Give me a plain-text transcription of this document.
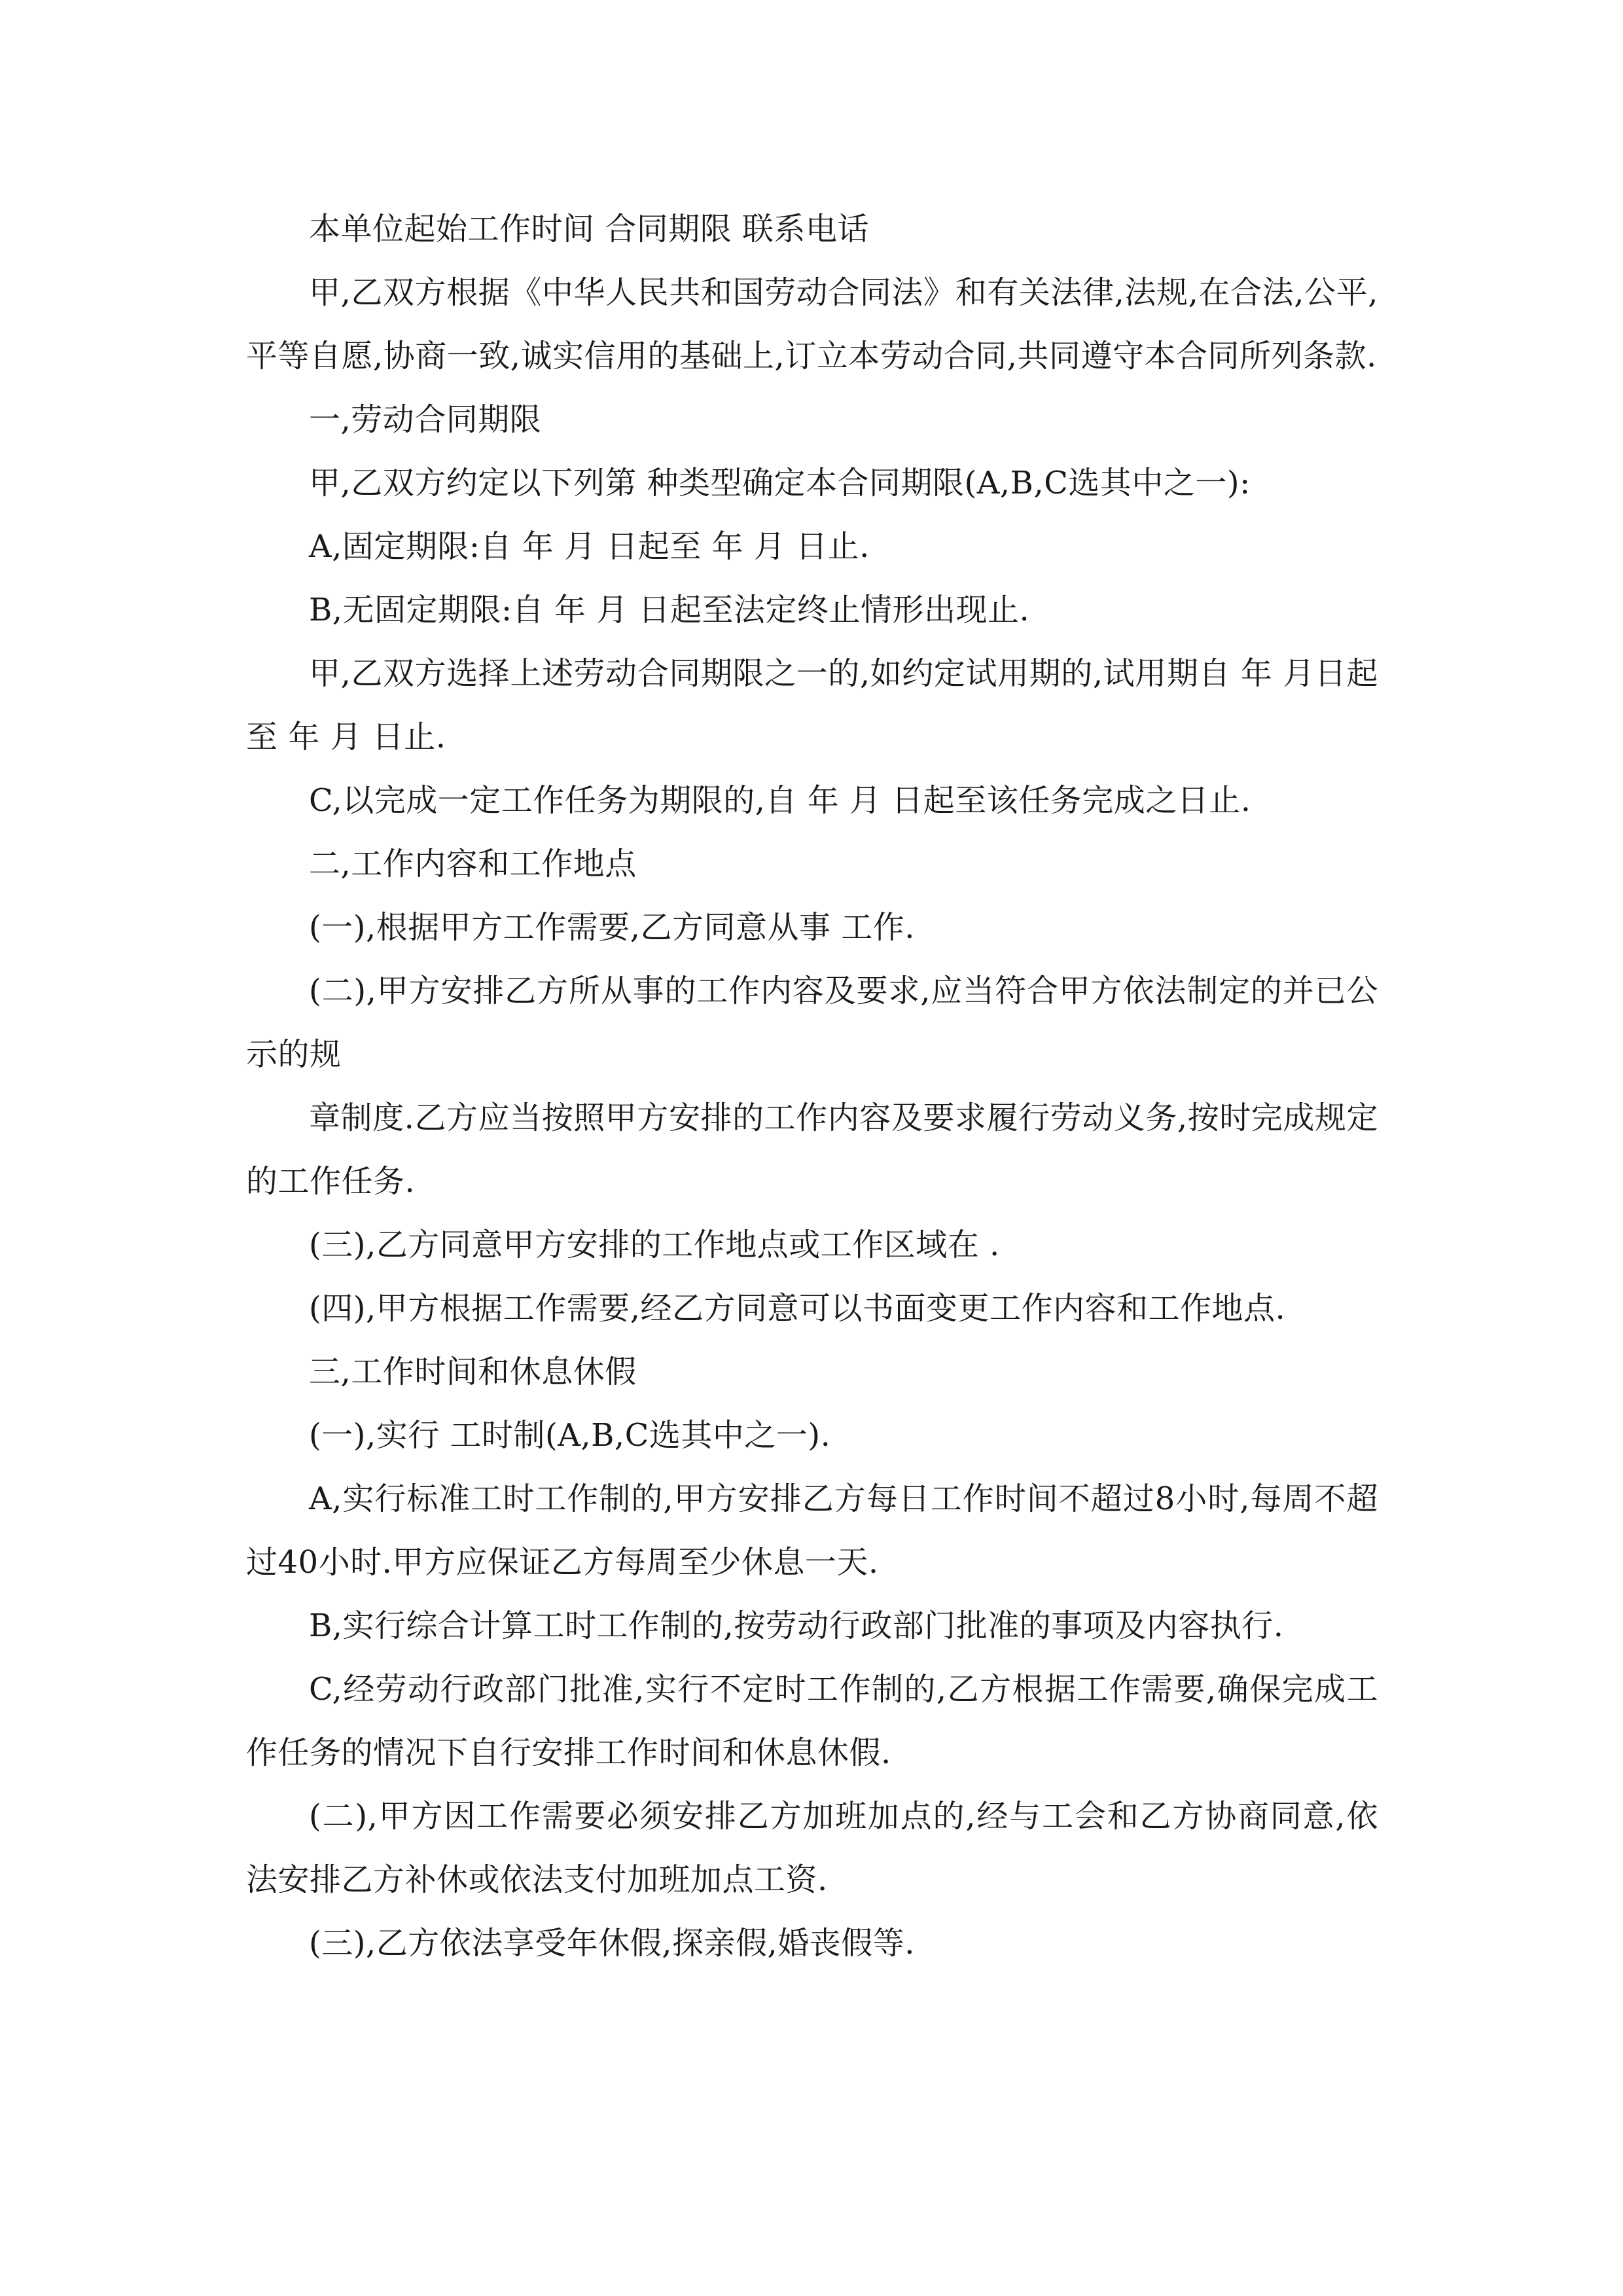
本单位起始工作时间 合同期限 联系电话

甲,乙双方根据《中华人民共和国劳动合同法》和有关法律,法规,在合法,公平,平等自愿,协商一致,诚实信用的基础上,订立本劳动合同,共同遵守本合同所列条款.

一,劳动合同期限

甲,乙双方约定以下列第 种类型确定本合同期限(A,B,C选其中之一):

A,固定期限:自 年 月 日起至 年 月 日止.

B,无固定期限:自 年 月 日起至法定终止情形出现止.

甲,乙双方选择上述劳动合同期限之一的,如约定试用期的,试用期自 年 月日起至 年 月 日止.

C,以完成一定工作任务为期限的,自 年 月 日起至该任务完成之日止.

二,工作内容和工作地点

(一),根据甲方工作需要,乙方同意从事 工作.

(二),甲方安排乙方所从事的工作内容及要求,应当符合甲方依法制定的并已公示的规

章制度.乙方应当按照甲方安排的工作内容及要求履行劳动义务,按时完成规定的工作任务.

(三),乙方同意甲方安排的工作地点或工作区域在 .

(四),甲方根据工作需要,经乙方同意可以书面变更工作内容和工作地点.

三,工作时间和休息休假

(一),实行 工时制(A,B,C选其中之一).

A,实行标准工时工作制的,甲方安排乙方每日工作时间不超过8小时,每周不超过40小时.甲方应保证乙方每周至少休息一天.

B,实行综合计算工时工作制的,按劳动行政部门批准的事项及内容执行.

C,经劳动行政部门批准,实行不定时工作制的,乙方根据工作需要,确保完成工作任务的情况下自行安排工作时间和休息休假.

(二),甲方因工作需要必须安排乙方加班加点的,经与工会和乙方协商同意,依法安排乙方补休或依法支付加班加点工资.

(三),乙方依法享受年休假,探亲假,婚丧假等.
